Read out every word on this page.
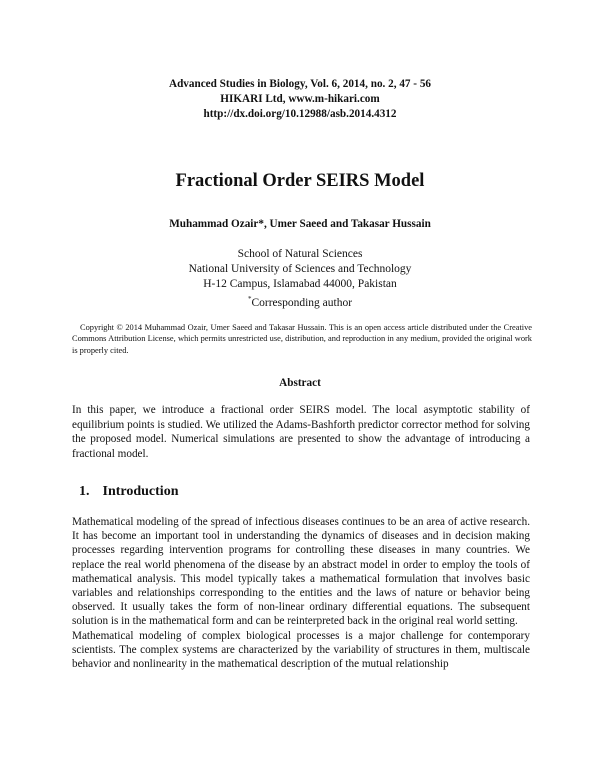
Advanced Studies in Biology, Vol. 6, 2014, no. 2, 47 - 56
HIKARI Ltd, www.m-hikari.com
http://dx.doi.org/10.12988/asb.2014.4312
Fractional Order SEIRS Model
Muhammad Ozair*, Umer Saeed and Takasar Hussain
School of Natural Sciences
National University of Sciences and Technology
H-12 Campus, Islamabad 44000, Pakistan
*Corresponding author
Copyright © 2014 Muhammad Ozair, Umer Saeed and Takasar Hussain. This is an open access article distributed under the Creative Commons Attribution License, which permits unrestricted use, distribution, and reproduction in any medium, provided the original work is properly cited.
Abstract
In this paper, we introduce a fractional order SEIRS model. The local asymptotic stability of equilibrium points is studied. We utilized the Adams-Bashforth predictor corrector method for solving the proposed model. Numerical simulations are presented to show the advantage of introducing a fractional model.
1. Introduction

Mathematical modeling of the spread of infectious diseases continues to be an area of active research. It has become an important tool in understanding the dynamics of diseases and in decision making processes regarding intervention programs for controlling these diseases in many countries. We replace the real world phenomena of the disease by an abstract model in order to employ the tools of mathematical analysis. This model typically takes a mathematical formulation that involves basic variables and relationships corresponding to the entities and the laws of nature or behavior being observed. It usually takes the form of non-linear ordinary differential equations. The subsequent solution is in the mathematical form and can be reinterpreted back in the original real world setting.

Mathematical modeling of complex biological processes is a major challenge for contemporary scientists. The complex systems are characterized by the variability of structures in them, multiscale behavior and nonlinearity in the mathematical description of the mutual relationship
